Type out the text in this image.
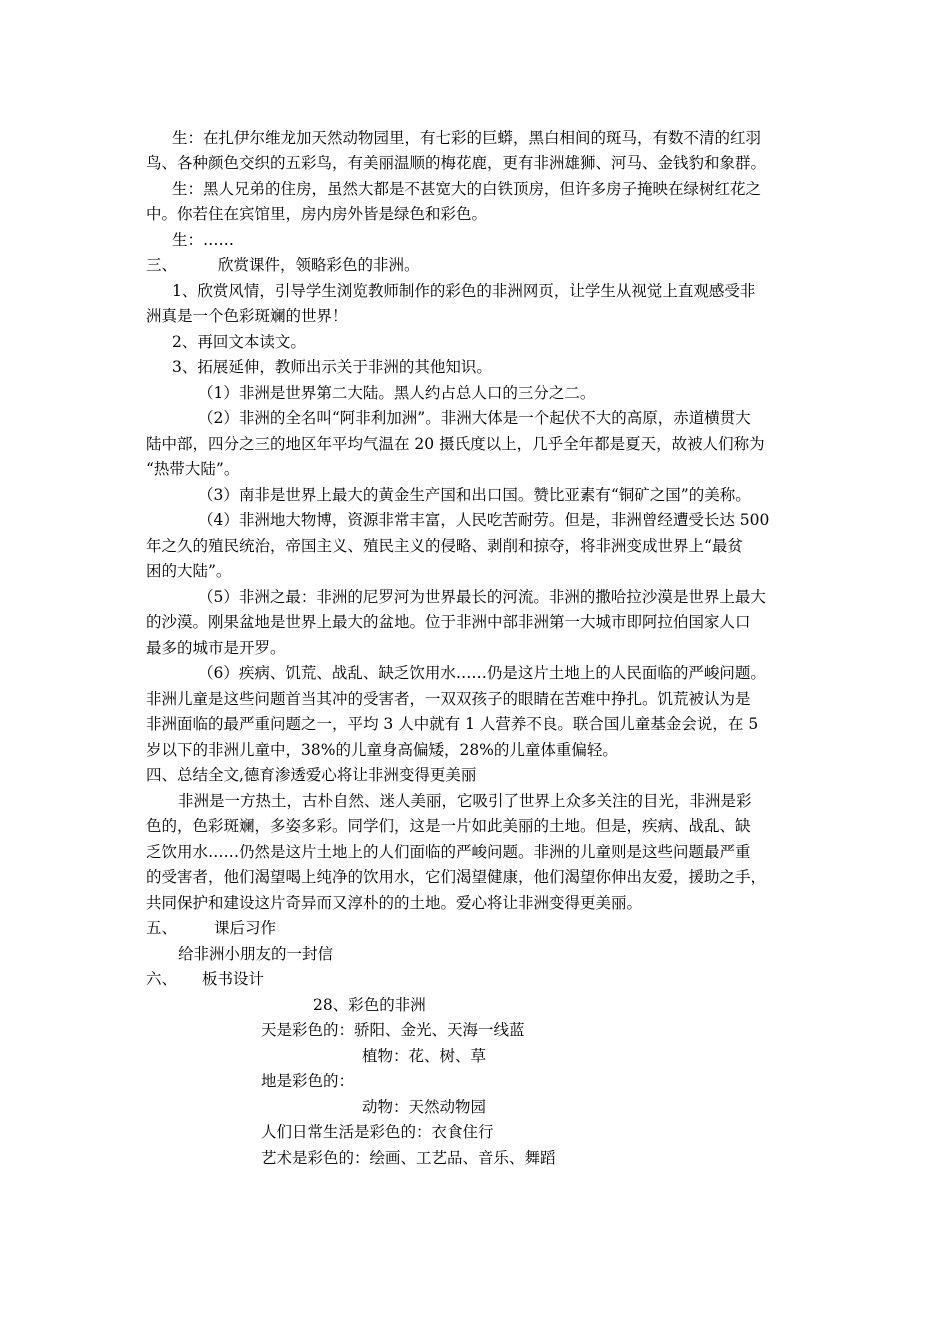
生：在扎伊尔维龙加天然动物园里，有七彩的巨蟒，黑白相间的斑马，有数不清的红羽
鸟、各种颜色交织的五彩鸟，有美丽温顺的梅花鹿，更有非洲雄狮、河马、金钱豹和象群。
生：黑人兄弟的住房，虽然大都是不甚宽大的白铁顶房，但许多房子掩映在绿树红花之
中。你若住在宾馆里，房内房外皆是绿色和彩色。
生：……
三、	欣赏课件，领略彩色的非洲。
1、欣赏风情，引导学生浏览教师制作的彩色的非洲网页，让学生从视觉上直观感受非
洲真是一个色彩斑斓的世界！
2、再回文本读文。
3、拓展延伸，教师出示关于非洲的其他知识。
（1）非洲是世界第二大陆。黑人约占总人口的三分之二。
（2）非洲的全名叫“阿非利加洲”。非洲大体是一个起伏不大的高原，赤道横贯大
陆中部，四分之三的地区年平均气温在 20 摄氏度以上，几乎全年都是夏天，故被人们称为
“热带大陆”。
（3）南非是世界上最大的黄金生产国和出口国。赞比亚素有“铜矿之国”的美称。
（4）非洲地大物博，资源非常丰富，人民吃苦耐劳。但是，非洲曾经遭受长达 500
年之久的殖民统治，帝国主义、殖民主义的侵略、剥削和掠夺，将非洲变成世界上“最贫
困的大陆”。
（5）非洲之最：非洲的尼罗河为世界最长的河流。非洲的撒哈拉沙漠是世界上最大
的沙漠。刚果盆地是世界上最大的盆地。位于非洲中部非洲第一大城市即阿拉伯国家人口
最多的城市是开罗。
（6）疾病、饥荒、战乱、缺乏饮用水……仍是这片土地上的人民面临的严峻问题。
非洲儿童是这些问题首当其冲的受害者，一双双孩子的眼睛在苦难中挣扎。饥荒被认为是
非洲面临的最严重问题之一，平均 3 人中就有 1 人营养不良。联合国儿童基金会说，在 5
岁以下的非洲儿童中，38%的儿童身高偏矮，28%的儿童体重偏轻。
四、总结全文,德育渗透爱心将让非洲变得更美丽
非洲是一方热土，古朴自然、迷人美丽，它吸引了世界上众多关注的目光，非洲是彩
色的，色彩斑斓，多姿多彩。同学们，这是一片如此美丽的土地。但是，疾病、战乱、缺
乏饮用水……仍然是这片土地上的人们面临的严峻问题。非洲的儿童则是这些问题最严重
的受害者，他们渴望喝上纯净的饮用水，它们渴望健康，他们渴望你伸出友爱，援助之手，
共同保护和建设这片奇异而又淳朴的的土地。爱心将让非洲变得更美丽。
五、 课后习作
给非洲小朋友的一封信
六、 板书设计
28、彩色的非洲
天是彩色的：骄阳、金光、天海一线蓝
植物：花、树、草
地是彩色的：
动物：天然动物园
人们日常生活是彩色的：衣食住行
艺术是彩色的：绘画、工艺品、音乐、舞蹈
